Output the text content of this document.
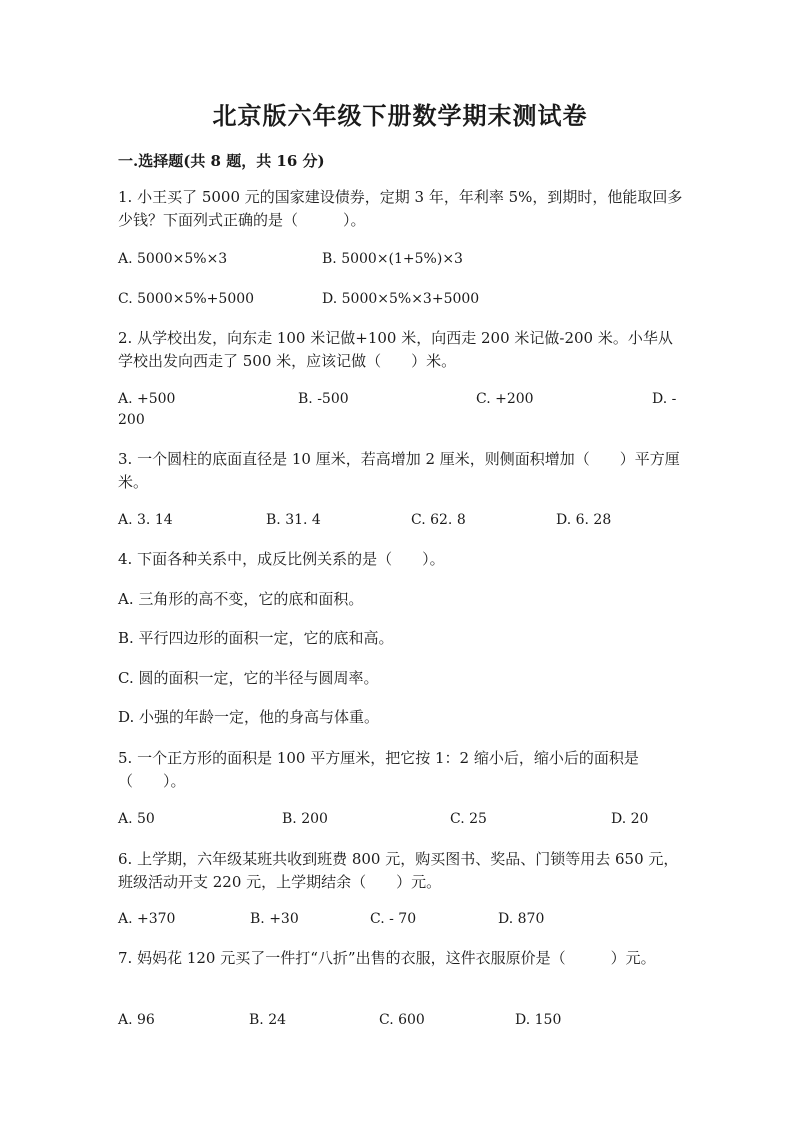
北京版六年级下册数学期末测试卷
一.选择题(共 8 题，共 16 分)
1. 小王买了 5000 元的国家建设债券，定期 3 年，年利率 5%，到期时，他能取回多少钱？下面列式正确的是（　　　）。
A. 5000×5%×3	B. 5000×(1+5%)×3
C. 5000×5%+5000	D. 5000×5%×3+5000
2. 从学校出发，向东走 100 米记做+100 米，向西走 200 米记做-200 米。小华从学校出发向西走了 500 米，应该记做（　　）米。
A. +500	B. -500	C. +200	D. -
200
3. 一个圆柱的底面直径是 10 厘米，若高增加 2 厘米，则侧面积增加（　　）平方厘米。
A. 3. 14	B. 31. 4	C. 62. 8	D. 6. 28
4. 下面各种关系中，成反比例关系的是（　　）。
A. 三角形的高不变，它的底和面积。
B. 平行四边形的面积一定，它的底和高。
C. 圆的面积一定，它的半径与圆周率。
D. 小强的年龄一定，他的身高与体重。
5. 一个正方形的面积是 100 平方厘米，把它按 1：2 缩小后，缩小后的面积是（　　）。
A. 50	B. 200	C. 25	D. 20
6. 上学期，六年级某班共收到班费 800 元，购买图书、奖品、门锁等用去 650 元，班级活动开支 220 元，上学期结余（　　）元。
A. +370	B. +30	C. - 70	D. 870
7. 妈妈花 120 元买了一件打“八折”出售的衣服，这件衣服原价是（　　　）元。
A. 96	B. 24	C. 600	D. 150
